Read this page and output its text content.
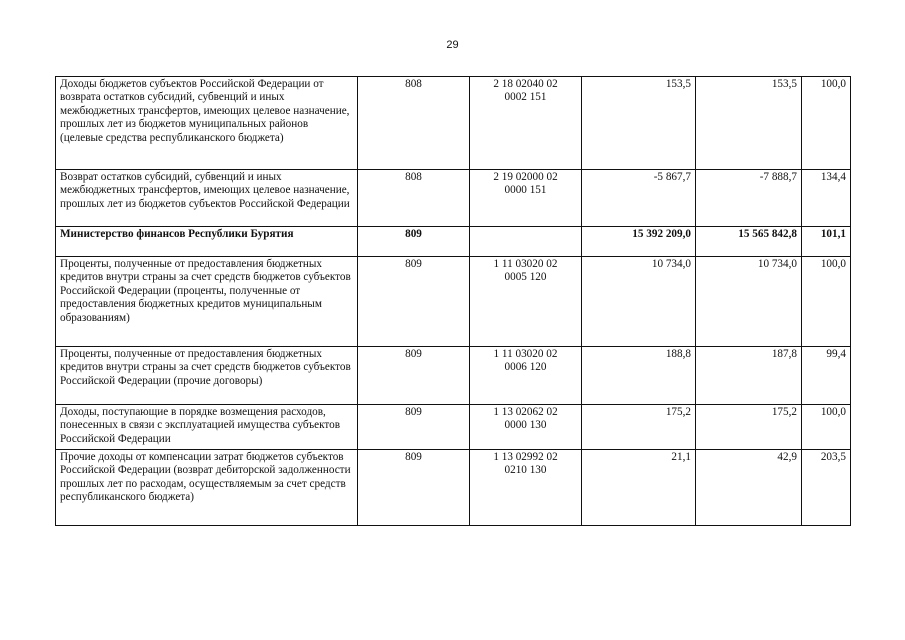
29
Доходы бюджетов субъектов Российской Федерации от возврата остатков субсидий, субвенций и иных межбюджетных трансфертов, имеющих целевое назначение, прошлых лет из бюджетов муниципальных районов (целевые средства республиканского бюджета)	808	2 18 02040 02 0002 151	153,5	153,5	100,0
Возврат остатков субсидий, субвенций и иных межбюджетных трансфертов, имеющих целевое назначение, прошлых лет из бюджетов субъектов Российской Федерации	808	2 19 02000 02 0000 151	-5 867,7	-7 888,7	134,4
Министерство финансов Республики Бурятия	809		15 392 209,0	15 565 842,8	101,1
Проценты, полученные от предоставления бюджетных кредитов внутри страны за счет средств бюджетов субъектов Российской Федерации (проценты, полученные от предоставления бюджетных кредитов муниципальным образованиям)	809	1 11 03020 02 0005 120	10 734,0	10 734,0	100,0
Проценты, полученные от предоставления бюджетных кредитов внутри страны за счет средств бюджетов субъектов Российской Федерации (прочие договоры)	809	1 11 03020 02 0006 120	188,8	187,8	99,4
Доходы, поступающие в порядке возмещения расходов, понесенных в связи с эксплуатацией имущества субъектов Российской Федерации	809	1 13 02062 02 0000 130	175,2	175,2	100,0
Прочие доходы от компенсации затрат бюджетов субъектов Российской Федерации (возврат дебиторской задолженности прошлых лет по расходам, осуществляемым за счет средств республиканского бюджета)	809	1 13 02992 02 0210 130	21,1	42,9	203,5
